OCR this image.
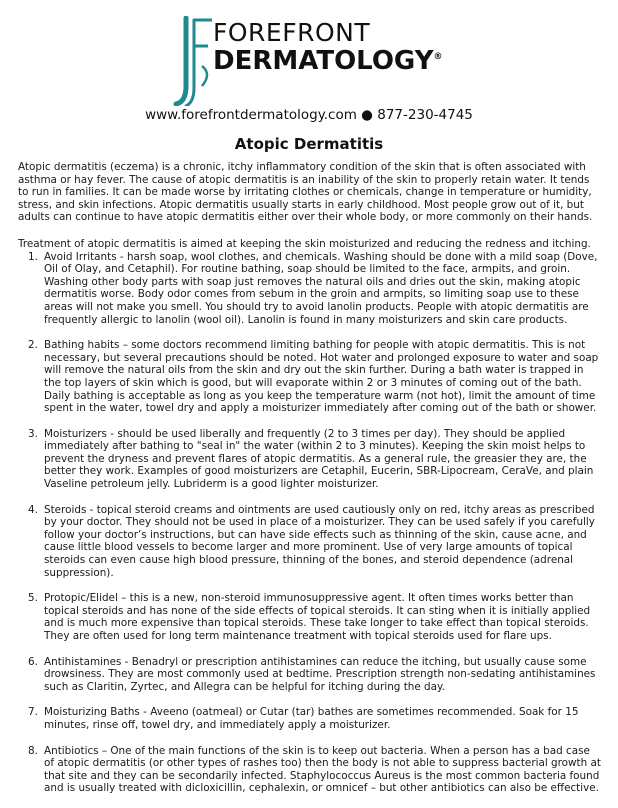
FOREFRONT
DERMATOLOGY®
www.forefrontdermatology.com ● 877-230-4745
Atopic Dermatitis

Atopic dermatitis (eczema) is a chronic, itchy inflammatory condition of the skin that is often associated with asthma or hay fever. The cause of atopic dermatitis is an inability of the skin to properly retain water. It tends to run in families. It can be made worse by irritating clothes or chemicals, change in temperature or humidity, stress, and skin infections. Atopic dermatitis usually starts in early childhood. Most people grow out of it, but adults can continue to have atopic dermatitis either over their whole body, or more commonly on their hands.

Treatment of atopic dermatitis is aimed at keeping the skin moisturized and reducing the redness and itching.

1. Avoid Irritants - harsh soap, wool clothes, and chemicals. Washing should be done with a mild soap (Dove, Oil of Olay, and Cetaphil). For routine bathing, soap should be limited to the face, armpits, and groin. Washing other body parts with soap just removes the natural oils and dries out the skin, making atopic dermatitis worse. Body odor comes from sebum in the groin and armpits, so limiting soap use to these areas will not make you smell. You should try to avoid lanolin products. People with atopic dermatitis are frequently allergic to lanolin (wool oil). Lanolin is found in many moisturizers and skin care products.
2. Bathing habits – some doctors recommend limiting bathing for people with atopic dermatitis. This is not necessary, but several precautions should be noted. Hot water and prolonged exposure to water and soap will remove the natural oils from the skin and dry out the skin further. During a bath water is trapped in the top layers of skin which is good, but will evaporate within 2 or 3 minutes of coming out of the bath. Daily bathing is acceptable as long as you keep the temperature warm (not hot), limit the amount of time spent in the water, towel dry and apply a moisturizer immediately after coming out of the bath or shower.
3. Moisturizers - should be used liberally and frequently (2 to 3 times per day). They should be applied immediately after bathing to "seal in" the water (within 2 to 3 minutes). Keeping the skin moist helps to prevent the dryness and prevent flares of atopic dermatitis. As a general rule, the greasier they are, the better they work. Examples of good moisturizers are Cetaphil, Eucerin, SBR-Lipocream, CeraVe, and plain Vaseline petroleum jelly. Lubriderm is a good lighter moisturizer.
4. Steroids - topical steroid creams and ointments are used cautiously only on red, itchy areas as prescribed by your doctor. They should not be used in place of a moisturizer. They can be used safely if you carefully follow your doctor’s instructions, but can have side effects such as thinning of the skin, cause acne, and cause little blood vessels to become larger and more prominent. Use of very large amounts of topical steroids can even cause high blood pressure, thinning of the bones, and steroid dependence (adrenal suppression).
5. Protopic/Elidel – this is a new, non-steroid immunosuppressive agent. It often times works better than topical steroids and has none of the side effects of topical steroids. It can sting when it is initially applied and is much more expensive than topical steroids. These take longer to take effect than topical steroids. They are often used for long term maintenance treatment with topical steroids used for flare ups.
6. Antihistamines - Benadryl or prescription antihistamines can reduce the itching, but usually cause some drowsiness. They are most commonly used at bedtime. Prescription strength non-sedating antihistamines such as Claritin, Zyrtec, and Allegra can be helpful for itching during the day.
7. Moisturizing Baths - Aveeno (oatmeal) or Cutar (tar) bathes are sometimes recommended. Soak for 15 minutes, rinse off, towel dry, and immediately apply a moisturizer.
8. Antibiotics – One of the main functions of the skin is to keep out bacteria. When a person has a bad case of atopic dermatitis (or other types of rashes too) then the body is not able to suppress bacterial growth at that site and they can be secondarily infected. Staphylococcus Aureus is the most common bacteria found and is usually treated with dicloxicillin, cephalexin, or omnicef – but other antibiotics can also be effective.
